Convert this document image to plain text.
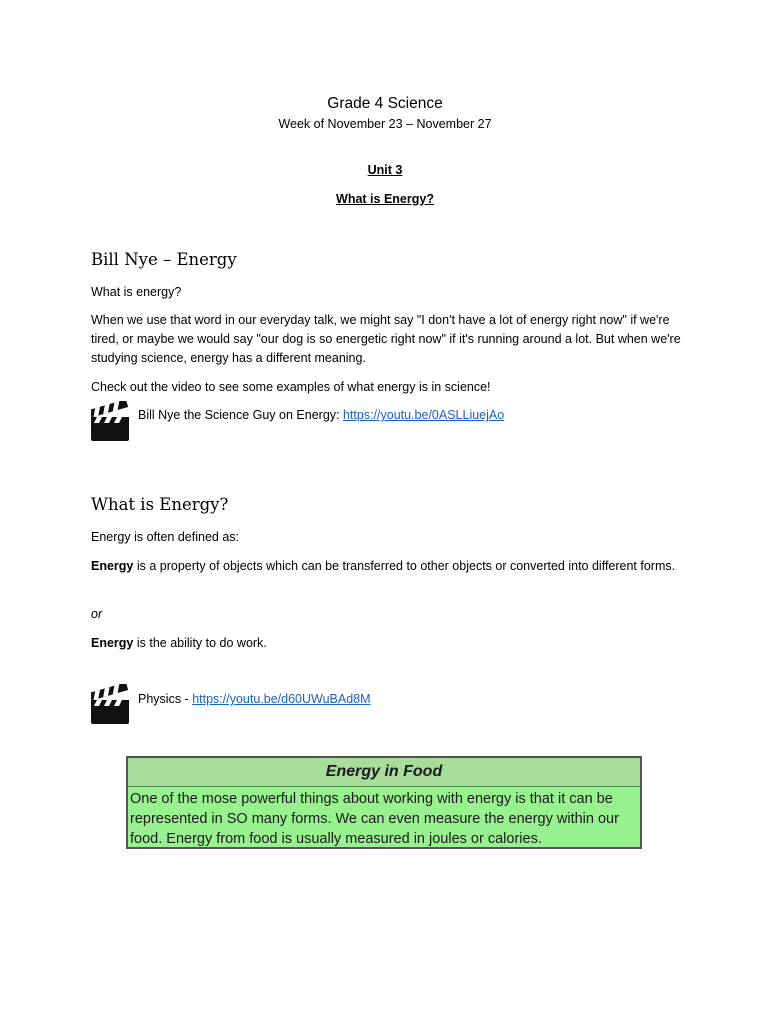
Grade 4 Science
Week of November 23 – November 27
Unit 3
What is Energy?
Bill Nye – Energy
What is energy?
When we use that word in our everyday talk, we might say "I don't have a lot of energy right now" if we're tired, or maybe we would say "our dog is so energetic right now" if it's running around a lot. But when we're studying science, energy has a different meaning.
Check out the video to see some examples of what energy is in science!
Bill Nye the Science Guy on Energy: https://youtu.be/0ASLLiuejAo
What is Energy?
Energy is often defined as:
Energy is a property of objects which can be transferred to other objects or converted into different forms.
or
Energy is the ability to do work.
Physics - https://youtu.be/d60UWuBAd8M
Energy in Food
One of the mose powerful things about working with energy is that it can be represented in SO many forms. We can even measure the energy within our food. Energy from food is usually measured in joules or calories.
